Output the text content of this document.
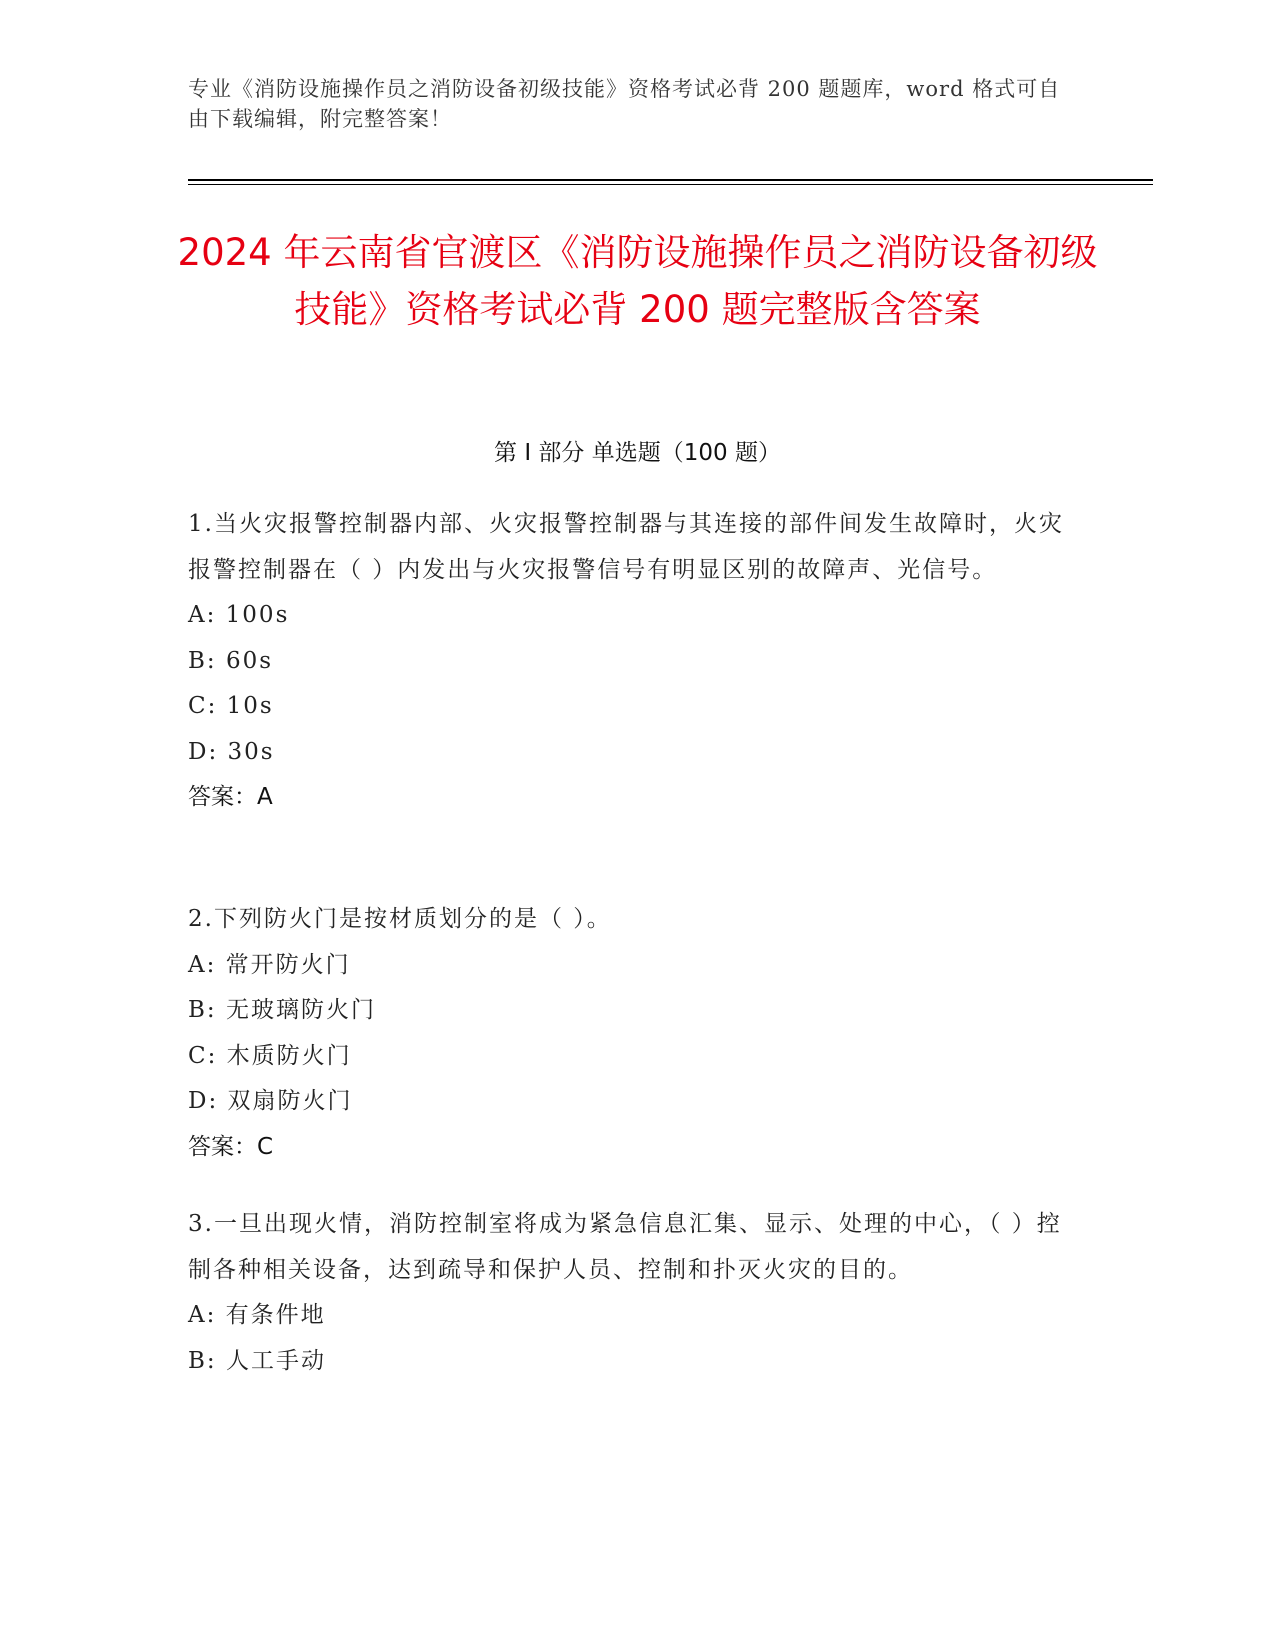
专业《消防设施操作员之消防设备初级技能》资格考试必背 200 题题库，word 格式可自由下载编辑，附完整答案！
2024 年云南省官渡区《消防设施操作员之消防设备初级技能》资格考试必背 200 题完整版含答案
第 I 部分 单选题（100 题）
1.当火灾报警控制器内部、火灾报警控制器与其连接的部件间发生故障时，火灾报警控制器在（ ）内发出与火灾报警信号有明显区别的故障声、光信号。
A: 100s
B: 60s
C: 10s
D: 30s
答案：A
2.下列防火门是按材质划分的是（ ）。
A: 常开防火门
B: 无玻璃防火门
C: 木质防火门
D: 双扇防火门
答案：C
3.一旦出现火情，消防控制室将成为紧急信息汇集、显示、处理的中心，（ ）控制各种相关设备，达到疏导和保护人员、控制和扑灭火灾的目的。
A: 有条件地
B: 人工手动
